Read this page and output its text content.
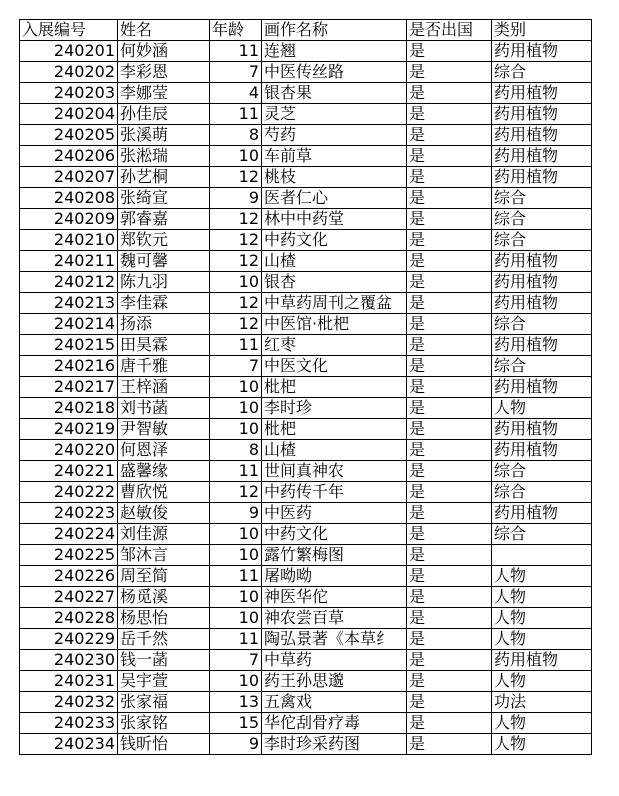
入展编号	姓名	年龄	画作名称	是否出国	类别
240201	何妙涵	11	连翘	是	药用植物
240202	李彩恩	7	中医传丝路	是	综合
240203	李娜莹	4	银杏果	是	药用植物
240204	孙佳辰	11	灵芝	是	药用植物
240205	张溪萌	8	芍药	是	药用植物
240206	张淞瑞	10	车前草	是	药用植物
240207	孙艺桐	12	桃枝	是	药用植物
240208	张绮宣	9	医者仁心	是	综合
240209	郭睿嘉	12	林中中药堂	是	综合
240210	郑钦元	12	中药文化	是	综合
240211	魏可馨	12	山楂	是	药用植物
240212	陈九羽	10	银杏	是	药用植物
240213	李佳霖	12	中草药周刊之覆盆	是	药用植物
240214	扬添	12	中医馆·枇杷	是	综合
240215	田昊霖	11	红枣	是	药用植物
240216	唐千雅	7	中医文化	是	综合
240217	王梓涵	10	枇杷	是	药用植物
240218	刘书菡	10	李时珍	是	人物
240219	尹智敏	10	枇杷	是	药用植物
240220	何恩泽	8	山楂	是	药用植物
240221	盛馨缘	11	世间真神农	是	综合
240222	曹欣悦	12	中药传千年	是	综合
240223	赵敏俊	9	中医药	是	药用植物
240224	刘佳源	10	中药文化	是	综合
240225	邹沐言	10	露竹繁梅图	是	
240226	周至简	11	屠呦呦	是	人物
240227	杨觅溪	10	神医华佗	是	人物
240228	杨思怡	10	神农尝百草	是	人物
240229	岳千然	11	陶弘景著《本草纟	是	人物
240230	钱一菡	7	中草药	是	药用植物
240231	吴宇萱	10	药王孙思邈	是	人物
240232	张家福	13	五禽戏	是	功法
240233	张家铭	15	华佗刮骨疗毒	是	人物
240234	钱昕怡	9	李时珍采药图	是	人物
